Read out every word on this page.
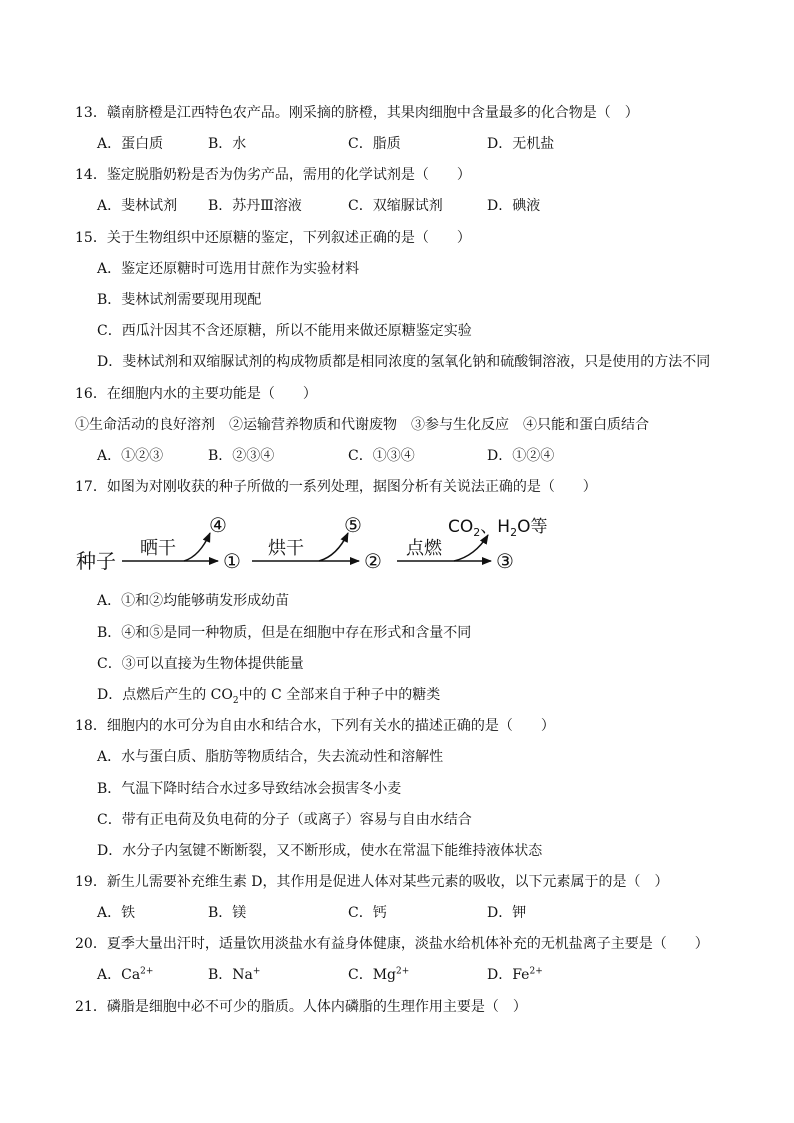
13．赣南脐橙是江西特色农产品。刚采摘的脐橙，其果肉细胞中含量最多的化合物是（　）
A．蛋白质	B．水	C．脂质	D．无机盐
14．鉴定脱脂奶粉是否为伪劣产品，需用的化学试剂是（　　）
A．斐林试剂 B．苏丹Ⅲ溶液	C．双缩脲试剂	D．碘液
15．关于生物组织中还原糖的鉴定，下列叙述正确的是（　　）
A．鉴定还原糖时可选用甘蔗作为实验材料
B．斐林试剂需要现用现配
C．西瓜汁因其不含还原糖，所以不能用来做还原糖鉴定实验
D．斐林试剂和双缩脲试剂的构成物质都是相同浓度的氢氧化钠和硫酸铜溶液，只是使用的方法不同
16．在细胞内水的主要功能是（　　）
①生命活动的良好溶剂　②运输营养物质和代谢废物　③参与生化反应　④只能和蛋白质结合
A．①②③	B．②③④	C．①③④	D．①②④
17．如图为对刚收获的种子所做的一系列处理，据图分析有关说法正确的是（　　）
种子
晒干
④
①
烘干
⑤
②
点燃
$CO_2$、$H_2O$等
③
A．①和②均能够萌发形成幼苗
B．④和⑤是同一种物质，但是在细胞中存在形式和含量不同
C．③可以直接为生物体提供能量
D．点燃后产生的 $CO_2$中的 C 全部来自于种子中的糖类
18．细胞内的水可分为自由水和结合水，下列有关水的描述正确的是（　　）
A．水与蛋白质、脂肪等物质结合，失去流动性和溶解性
B．气温下降时结合水过多导致结冰会损害冬小麦
C．带有正电荷及负电荷的分子（或离子）容易与自由水结合
D．水分子内氢键不断断裂，又不断形成，使水在常温下能维持液体状态
19．新生儿需要补充维生素 D，其作用是促进人体对某些元素的吸收，以下元素属于的是（　）
A．铁	B．镁	C．钙	D．钾
20．夏季大量出汗时，适量饮用淡盐水有益身体健康，淡盐水给机体补充的无机盐离子主要是（　　）
A．$Ca^{2+}$	B．Na+	C．$Mg^{2+}$	D．$Fe^{2+}$
21．磷脂是细胞中必不可少的脂质。人体内磷脂的生理作用主要是（　）
